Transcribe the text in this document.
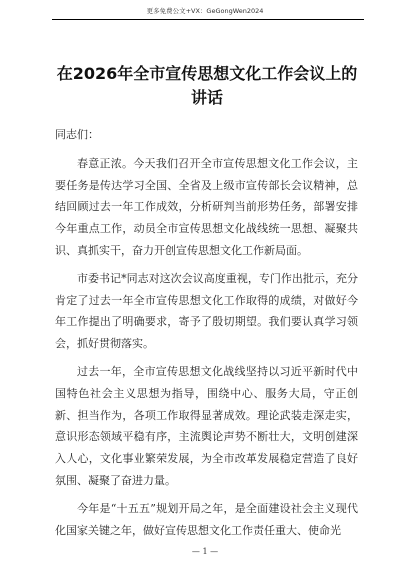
更多免费公文+VX：GeGongWen2024
在2026年全市宣传思想文化工作会议上的讲话

同志们：

春意正浓。今天我们召开全市宣传思想文化工作会议，主要任务是传达学习全国、全省及上级市宣传部长会议精神，总结回顾过去一年工作成效，分析研判当前形势任务，部署安排今年重点工作，动员全市宣传思想文化战线统一思想、凝聚共识、真抓实干，奋力开创宣传思想文化工作新局面。

市委书记*同志对这次会议高度重视，专门作出批示，充分肯定了过去一年全市宣传思想文化工作取得的成绩，对做好今年工作提出了明确要求，寄予了殷切期望。我们要认真学习领会，抓好贯彻落实。

过去一年，全市宣传思想文化战线坚持以习近平新时代中国特色社会主义思想为指导，围绕中心、服务大局，守正创新、担当作为，各项工作取得显著成效。理论武装走深走实，意识形态领域平稳有序，主流舆论声势不断壮大，文明创建深入人心，文化事业繁荣发展，为全市改革发展稳定营造了良好氛围、凝聚了奋进力量。

今年是“十五五”规划开局之年，是全面建设社会主义现代化国家关键之年，做好宣传思想文化工作责任重大、使命光

— 1 —
